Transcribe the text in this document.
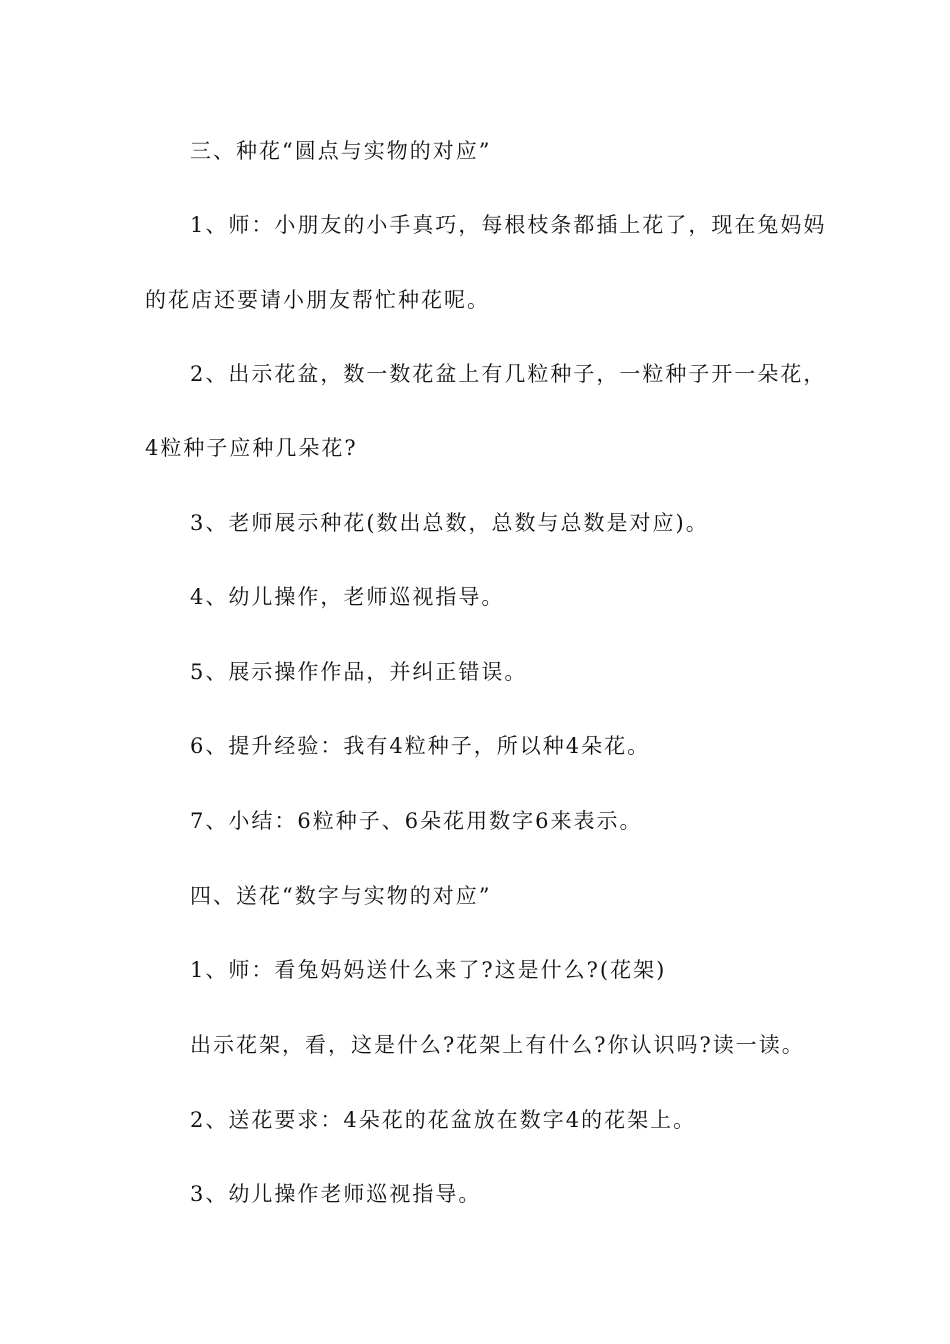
三、种花“圆点与实物的对应”
1、师：小朋友的小手真巧，每根枝条都插上花了，现在兔妈妈
的花店还要请小朋友帮忙种花呢。
2、出示花盆，数一数花盆上有几粒种子，一粒种子开一朵花，
4粒种子应种几朵花?
3、老师展示种花(数出总数，总数与总数是对应)。
4、幼儿操作，老师巡视指导。
5、展示操作作品，并纠正错误。
6、提升经验：我有4粒种子，所以种4朵花。
7、小结：6粒种子、6朵花用数字6来表示。
四、送花“数字与实物的对应”
1、师：看兔妈妈送什么来了?这是什么?(花架)
出示花架，看，这是什么?花架上有什么?你认识吗?读一读。
2、送花要求：4朵花的花盆放在数字4的花架上。
3、幼儿操作老师巡视指导。
